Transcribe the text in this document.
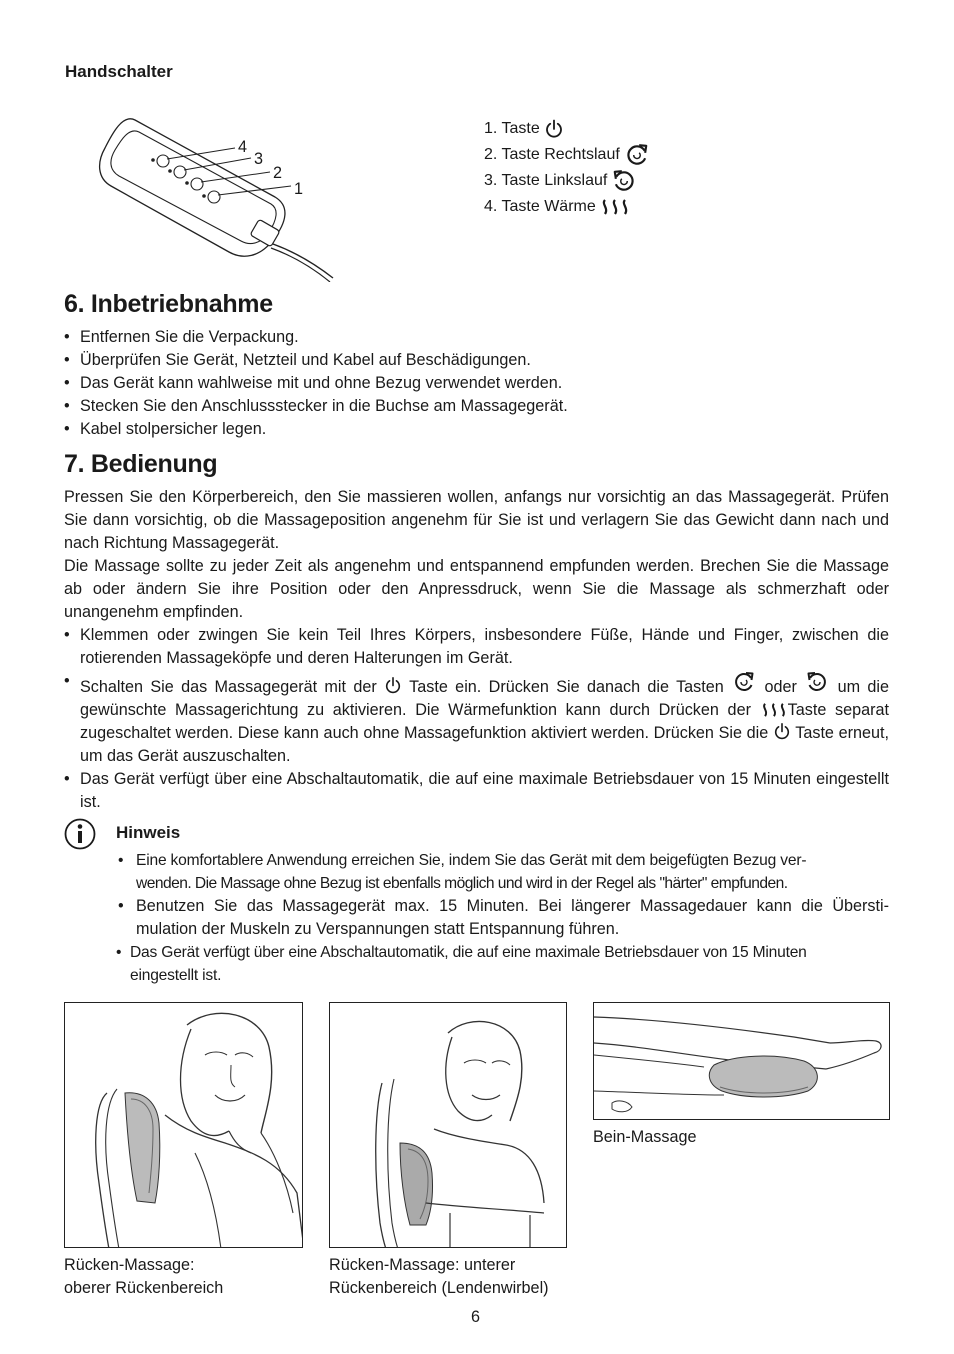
Handschalter
4
3
2
1
1. Taste
2. Taste Rechtslauf
3. Taste Linkslauf
4. Taste Wärme
6. Inbetriebnahme
• Entfernen Sie die Verpackung.
• Überprüfen Sie Gerät, Netzteil und Kabel auf Beschädigungen.
• Das Gerät kann wahlweise mit und ohne Bezug verwendet werden.
• Stecken Sie den Anschlussstecker in die Buchse am Massagegerät.
• Kabel stolpersicher legen.
7. Bedienung

Pressen Sie den Körperbereich, den Sie massieren wollen, anfangs nur vorsichtig an das Massagegerät. Prüfen Sie dann vorsichtig, ob die Massageposition angenehm für Sie ist und verlagern Sie das Gewicht dann nach und nach Richtung Massagegerät.

Die Massage sollte zu jeder Zeit als angenehm und entspannend empfunden werden. Brechen Sie die Massage ab oder ändern Sie ihre Position oder den Anpressdruck, wenn Sie die Massage als schmerzhaft oder unangenehm empfinden.

• Klemmen oder zwingen Sie kein Teil Ihres Körpers, insbesondere Füße, Hände und Finger, zwischen die rotierenden Massageköpfe und deren Halterungen im Gerät.
• Schalten Sie das Massagegerät mit der Taste ein. Drücken Sie danach die Tasten	oder	um die gewünschte Massagerichtung zu aktivieren. Die Wärmefunktion kann durch Drücken der Taste separat zugeschaltet werden. Diese kann auch ohne Massagefunktion aktiviert werden. Drücken Sie die Taste erneut, um das Gerät auszuschalten.
• Das Gerät verfügt über eine Abschaltautomatik, die auf eine maximale Betriebsdauer von 15 Minuten eingestellt ist.
Hinweis
• Eine komfortablere Anwendung erreichen Sie, indem Sie das Gerät mit dem beigefügten Bezug ver-
wenden. Die Massage ohne Bezug ist ebenfalls möglich und wird in der Regel als "härter" empfunden.
• Benutzen Sie das Massagegerät max. 15 Minuten. Bei längerer Massagedauer kann die Übersti- mulation der Muskeln zu Verspannungen statt Entspannung führen.
• Das Gerät verfügt über eine Abschaltautomatik, die auf eine maximale Betriebsdauer von 15 Minuten
eingestellt ist.
Rücken-Massage:
oberer Rückenbereich
Rücken-Massage: unterer
Rückenbereich (Lendenwirbel)
Bein-Massage
6
